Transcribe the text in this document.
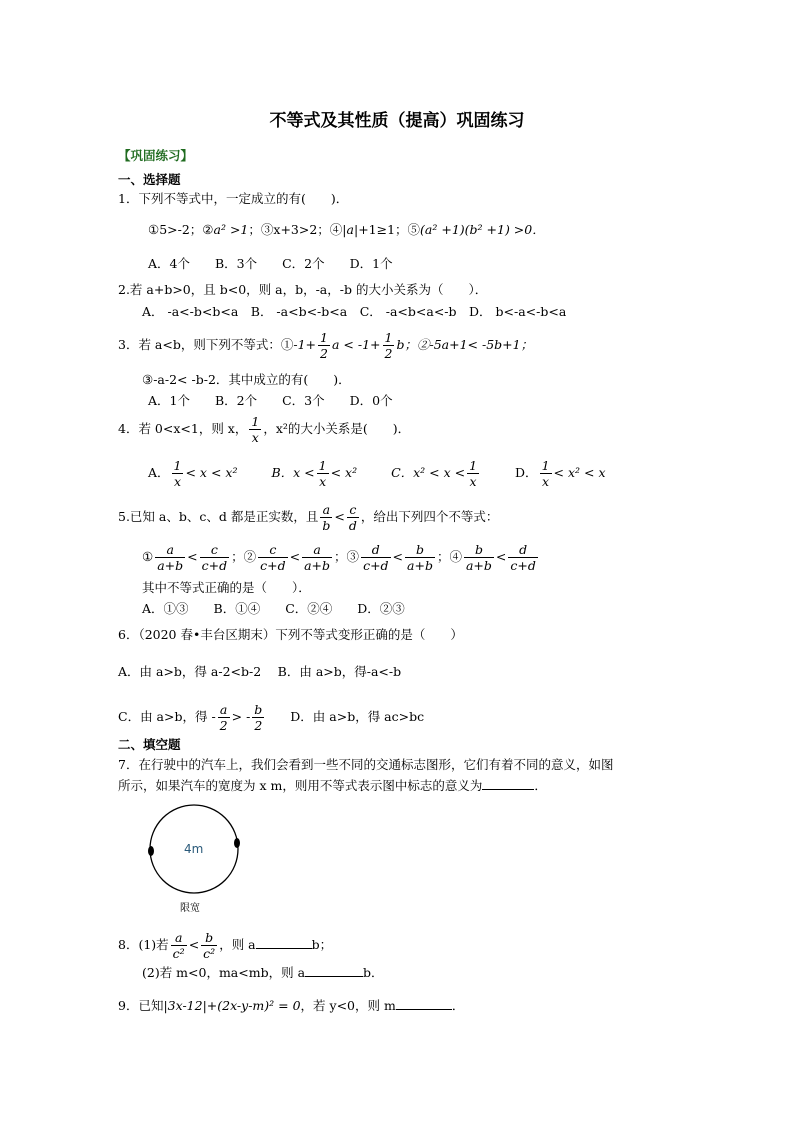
不等式及其性质（提高）巩固练习
【巩固练习】
一、选择题
1．下列不等式中，一定成立的有(　　)．
①5>-2；②a² >1；③x+3>2；④|a|+1≥1；⑤(a² +1)(b² +1) >0．
A．4个　　B．3个　　C．2个　　D．1个
2.若 a+b>0，且 b<0，则 a，b，-a，-b 的大小关系为（　　）．
A． -a<-b<b<a　B． -a<b<-b<a　C． -a<b<a<-b　D． b<-a<-b<a
3．若 a<b，则下列不等式：①-1+ $\frac{1}{2}$ $a < -1+ \frac{1}{2}$ b；②-5a+1< -5b+1；
③-a-2< -b-2．其中成立的有(　　)．
A．1个　　B．2个　　C．3个　　D．0个
4．若 0<x<1，则 x， $\frac{1}{x}$ ，x²的大小关系是(　　)．
A． $\frac{1}{x} < x < x^2$	B．$x < \frac{1}{x} < x^2$	C．$x^2 < x < \frac{1}{x}$	D． $\frac{1}{x} < x^2 < x$
5.已知 a、b、c、d 都是正实数，且 $\frac{a}{b} < \frac{c}{d}$ ，给出下列四个不等式：
① $\frac{a}{a+b} < \frac{c}{c+d}$ ；② $\frac{c}{c+d} < \frac{a}{a+b}$ ；③ $\frac{d}{c+d} < \frac{b}{a+b}$ ；④ $\frac{b}{a+b} < \frac{d}{c+d}$
其中不等式正确的是（　　）．
A．①③　　B．①④　　C．②④　　D．②③
6．（2020 春•丰台区期末）下列不等式变形正确的是（　　）
A．由 a>b，得 a-2<b-2　 B．由 a>b，得-a<-b
C．由 a>b，得 - $\frac{a}{2}$ > - $\frac{b}{2}$ D．由 a>b，得 ac>bc
二、填空题
7．在行驶中的汽车上，我们会看到一些不同的交通标志图形，它们有着不同的意义，如图
所示，如果汽车的宽度为 x m，则用不等式表示图中标志的意义为	．
4m
限宽
8．(1)若 $\frac{a}{\text{c²}} < \frac{b}{\text{c²}}$ ，则 a	b；
(2)若 m<0，ma<mb，则 a	b．
9．已知|3x-12|+(2x-y-m)² = 0，若 y<0，则 m	．
